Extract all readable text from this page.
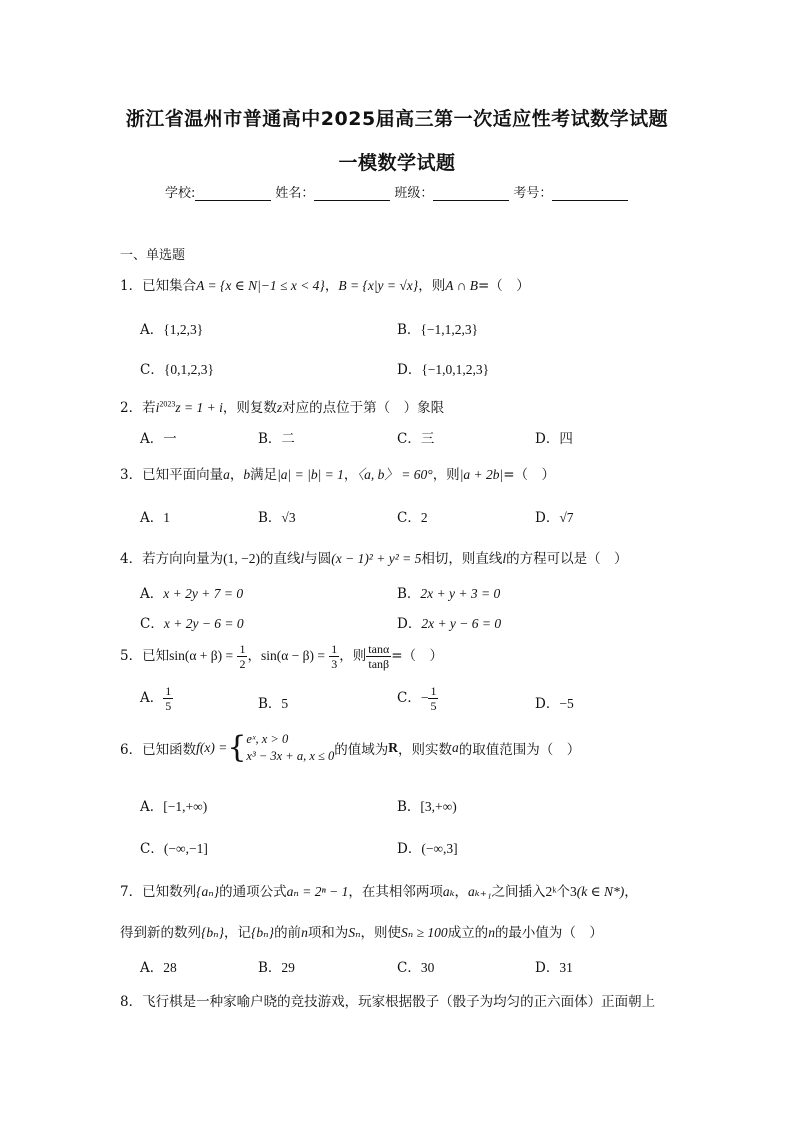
浙江省温州市普通高中2025届高三第一次适应性考试数学试题
一模数学试题
学校:	姓名：	班级：	考号：
一、单选题
1．已知集合A = {x ∈ N|−1 ≤ x < 4}，B = {x|y = √x}，则A ∩ B=（　）
A．{1,2,3}	B．{−1,1,2,3}
C．{0,1,2,3}	D．{−1,0,1,2,3}
2．若$i^{2023}z = 1 + i$，则复数z对应的点位于第（　）象限
A．一	B．二	C．三	D．四
3．已知平面向量a，b满足|a| = |b| = 1，〈a, b〉 = 60°，则|a + 2b|=（　）
A．1	B．√3	C．2	D．√7
4．若方向向量为(1, −2)的直线l与圆(x − 1)² + y² = 5相切，则直线l的方程可以是（　）
A．x + 2y + 7 = 0	B．2x + y + 3 = 0
C．x + 2y − 6 = 0	D．2x + y − 6 = 0
5．已知$\sin(\alpha + \beta) = \frac{1}{2}$ ，$\sin(\alpha - \beta) = \frac{1}{3}$ ，则 $\frac{\tan\alpha}{\tan\beta}$ =（　）
A． $\frac{1}{5}$	B．5	C．− $\frac{1}{5}$	D．−5
6．已知函数f(x) ={ eˣ, x > 0
x³ − 3x + a, x ≤ 0 的值域为R，则实数a的取值范围为（　）
A．[−1,+∞)	B．[3,+∞)
C．(−∞,−1]	D．(−∞,3]
7．已知数列{aₙ}的通项公式aₙ = 2ⁿ − 1，在其相邻两项aₖ，aₖ₊₁之间插入2ᵏ个3(k ∈ N*)，
得到新的数列{bₙ}，记{bₙ}的前n项和为Sₙ，则使Sₙ ≥ 100成立的n的最小值为（　）
A．28	B．29	C．30	D．31
8．飞行棋是一种家喻户晓的竞技游戏，玩家根据骰子（骰子为均匀的正六面体）正面朝上
